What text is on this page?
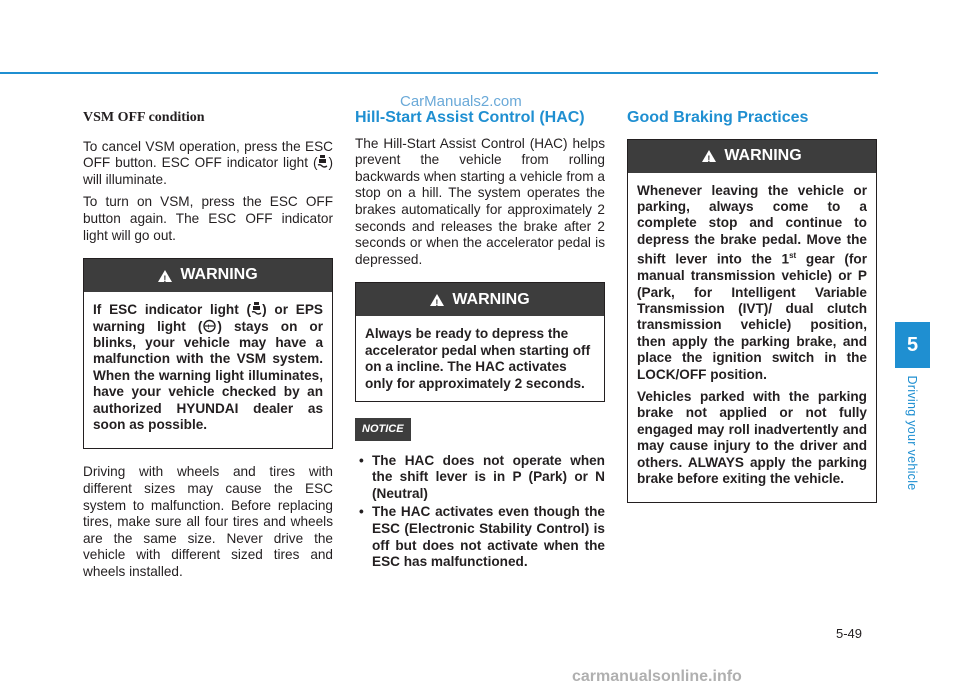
CarManuals2.com
VSM OFF condition

To cancel VSM operation, press the ESC OFF button. ESC OFF indicator light ( ) will illuminate.

To turn on VSM, press the ESC OFF button again. The ESC OFF indicator light will go out.

!
WARNING

If ESC indicator light ( ) or EPS warning light ( ! ) stays on or blinks, your vehicle may have a malfunction with the VSM system. When the warning light illuminates, have your vehicle checked by an authorized HYUNDAI dealer as soon as possible.

Driving with wheels and tires with different sizes may cause the ESC system to malfunction. Before replacing tires, make sure all four tires and wheels are the same size. Never drive the vehicle with different sized tires and wheels installed.

Hill-Start Assist Control (HAC)

The Hill-Start Assist Control (HAC) helps prevent the vehicle from rolling backwards when starting a vehicle from a stop on a hill. The system operates the brakes automatically for approximately 2 seconds and releases the brake after 2 seconds or when the accelerator pedal is depressed.

!
WARNING
Always be ready to depress the accelerator pedal when starting off on a incline. The HAC activates only for approximately 2 seconds.
NOTICE
• The HAC does not operate when the shift lever is in P (Park) or N (Neutral)
• The HAC activates even though the ESC (Electronic Stability Control) is off but does not activate when the ESC has malfunctioned.
Good Braking Practices
!
WARNING

Whenever leaving the vehicle or parking, always come to a complete stop and continue to depress the brake pedal. Move the shift lever into the 1st gear (for manual transmission vehicle) or P (Park, for Intelligent Variable Transmission (IVT)/ dual clutch transmission vehicle) position, then apply the parking brake, and place the ignition switch in the LOCK/OFF position.

Vehicles parked with the parking brake not applied or not fully engaged may roll inadvertently and may cause injury to the driver and others. ALWAYS apply the parking brake before exiting the vehicle.

5
Driving your vehicle
5-49
carmanualsonline.info
